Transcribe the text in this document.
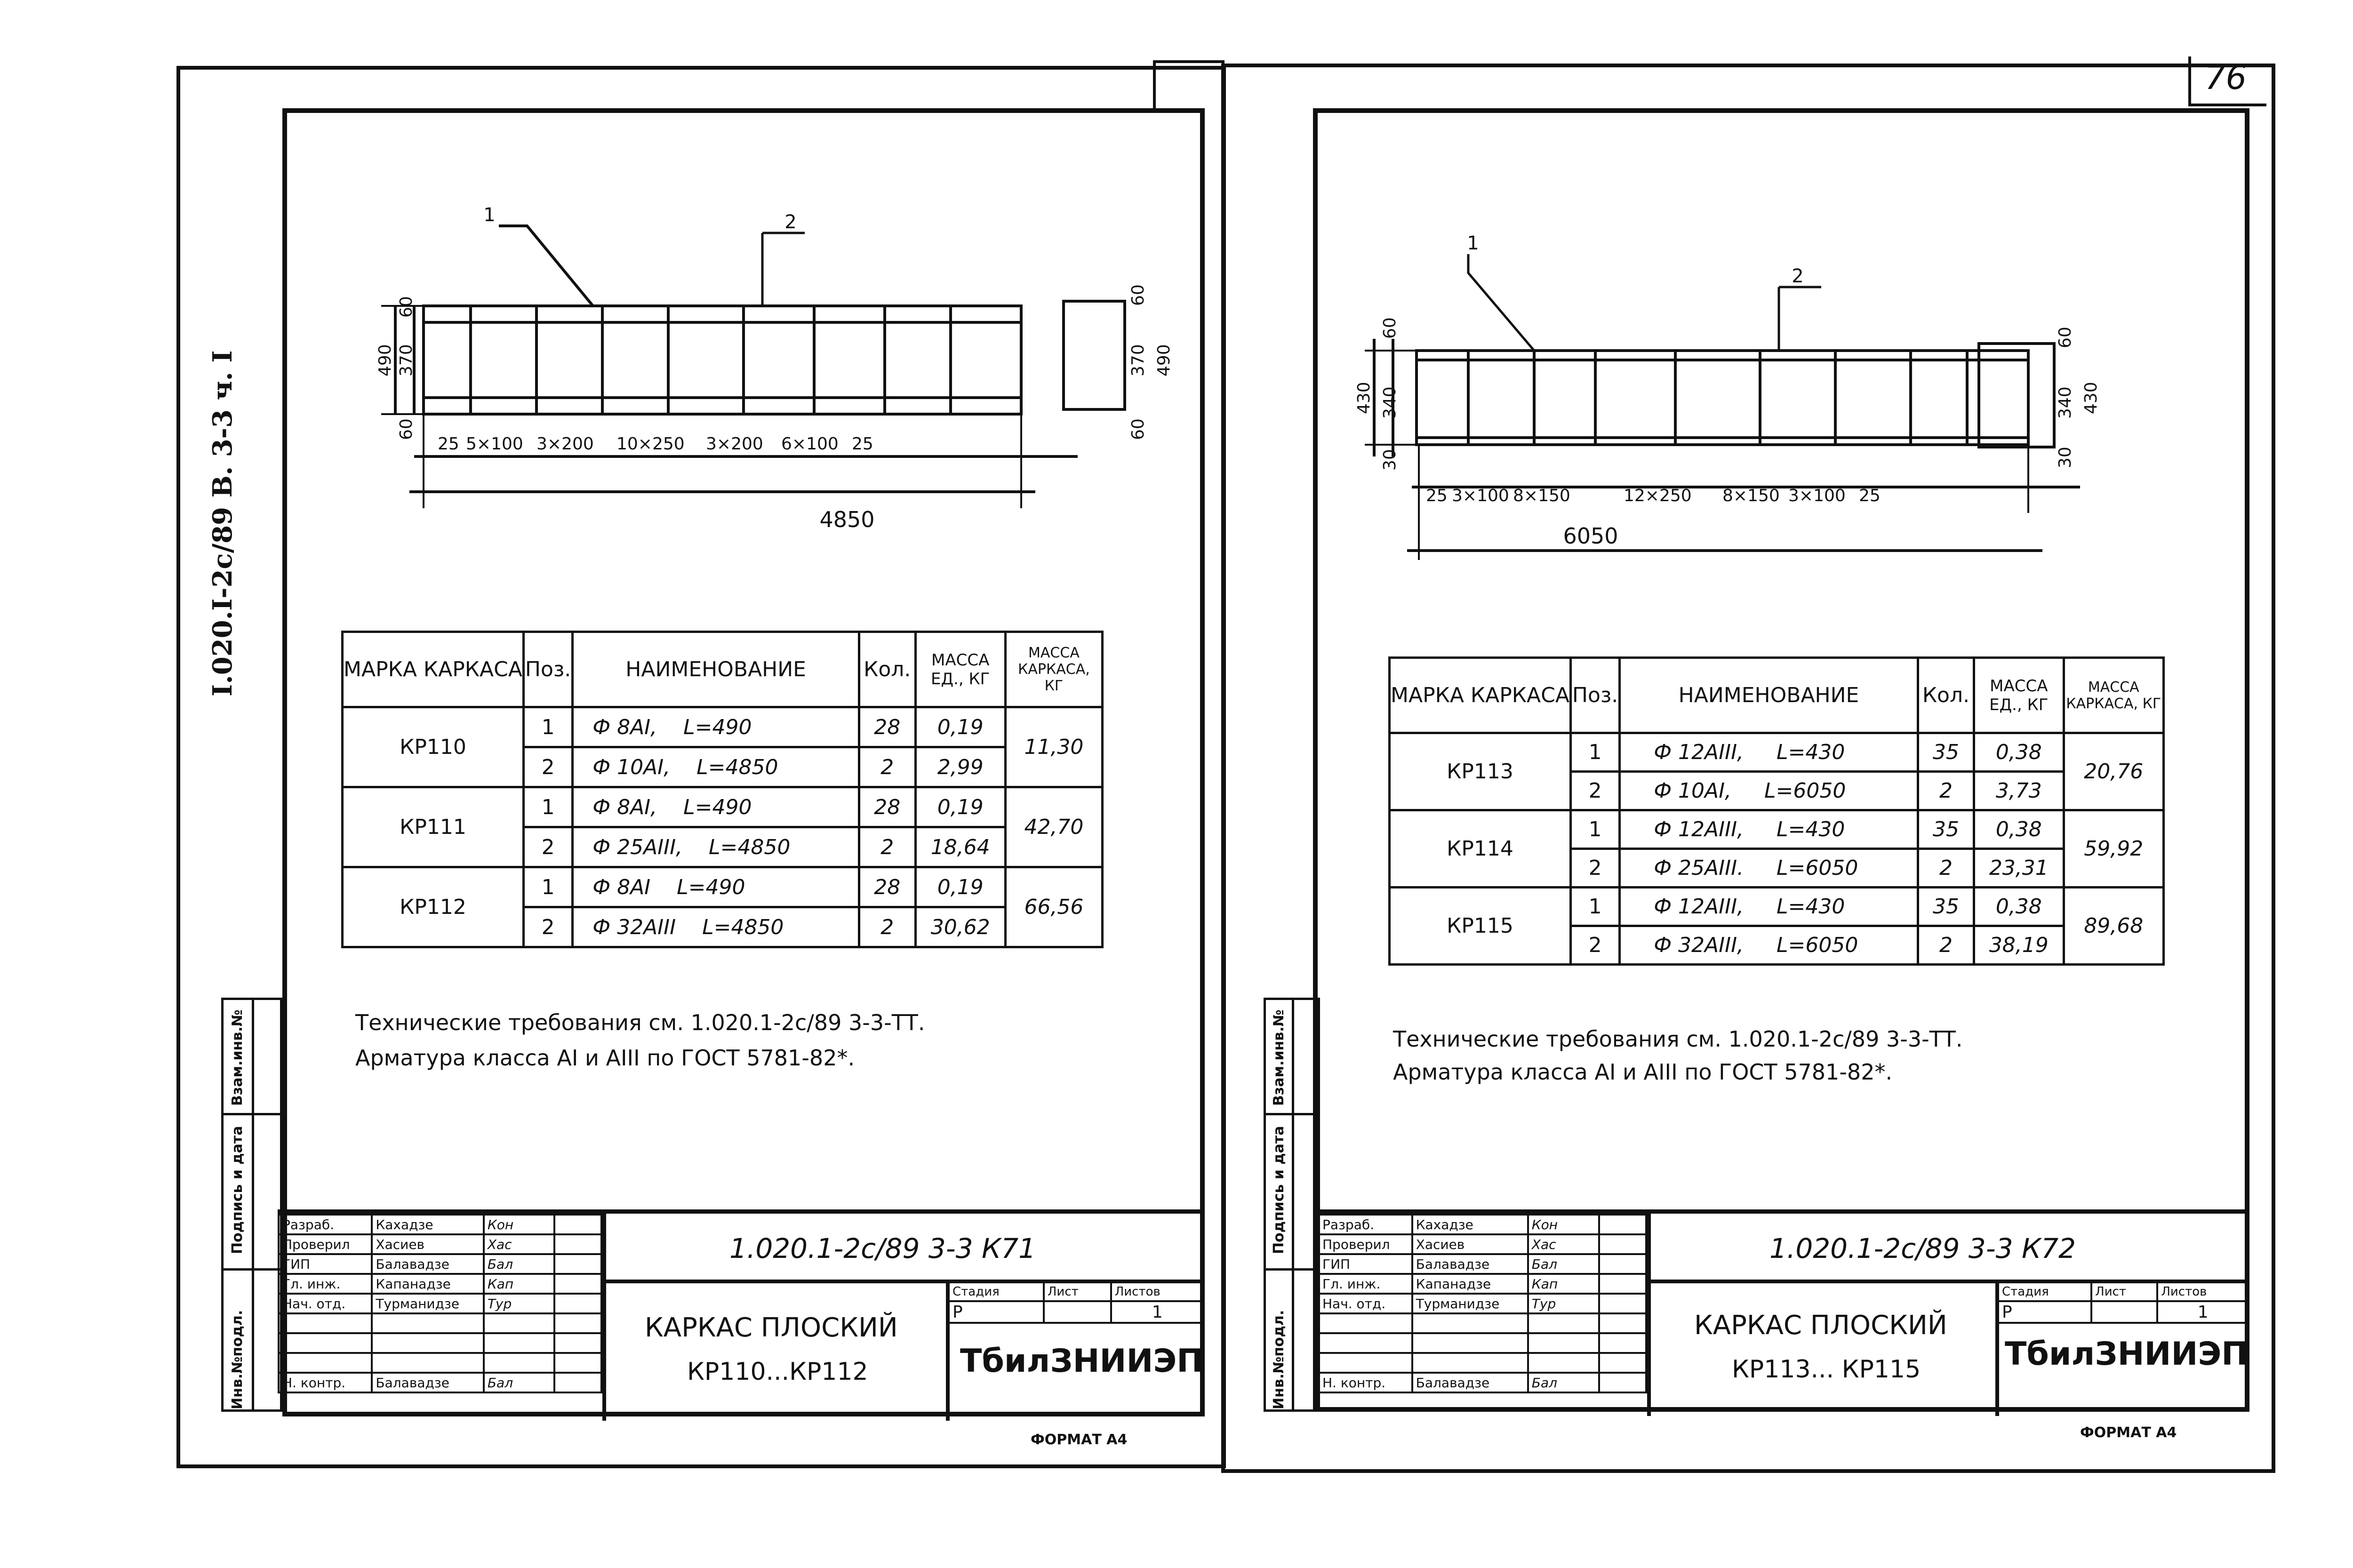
76
I.020.I-2c/89 В. 3-3 ч. I
Инв.№подл.
Подпись и дата
Взам.инв.№
1	2
4850
25 5×100 3×200 10×250 3×200 6×100 25
490
60
370
60
60
370
60
490
МАРКА КАРКАСА	Поз.	НАИМЕНОВАНИЕ	Кол.	МАССА ЕД., КГ	МАССА КАРКАСА, КГ
КР110	1	Ф 8АI, L=490	28	0,19	11,30
	2	Ф 10АI, L=4850	2	2,99	
КР111	1	Ф 8АI, L=490	28	0,19	42,70
	2	Ф 25АIII, L=4850	2	18,64	
КР112	1	Ф 8АI L=490	28	0,19	66,56
	2	Ф 32АIII L=4850	2	30,62	
Технические требования см. 1.020.1-2с/89 3-3-ТТ.
Арматура класса АI и АIII по ГОСТ 5781-82*.
Разраб.	Кахадзе	Кон	
Проверил	Хасиев	Хас	
ГИП	Балавадзе	Бал	
Гл. инж.	Капанадзе	Кап	
Нач. отд.	Турманидзе	Тур	

Н. контр.	Балавадзе	Бал	
1.020.1-2с/89 3-3 К71
КАРКАС ПЛОСКИЙ
КР110...КР112
Стадия	Лист	Листов
Р		1
ТбилЗНИИЭП
ФОРМАТ А4
Инв.№подл.
Подпись и дата
Взам.инв.№
1
2
6050
25 3×100 8×150	12×250 8×150 3×100 25
430
60
340
30
60
340
30
430
МАРКА КАРКАСА	Поз.	НАИМЕНОВАНИЕ	Кол.	МАССА ЕД., КГ	МАССА КАРКАСА, КГ
КР113	1	Ф 12АIII, L=430	35	0,38	20,76
	2	Ф 10АI, L=6050	2	3,73	
КР114	1	Ф 12АIII, L=430	35	0,38	59,92
	2	Ф 25АIII. L=6050	2	23,31	
КР115	1	Ф 12АIII, L=430	35	0,38	89,68
	2	Ф 32АIII, L=6050	2	38,19	
Технические требования см. 1.020.1-2с/89 3-3-ТТ.
Арматура класса АI и АIII по ГОСТ 5781-82*.
Разраб.	Кахадзе	Кон	
Проверил	Хасиев	Хас	
ГИП	Балавадзе	Бал	
Гл. инж.	Капанадзе	Кап	
Нач. отд.	Турманидзе	Тур	

Н. контр.	Балавадзе	Бал	
1.020.1-2с/89 3-3 К72
КАРКАС ПЛОСКИЙ
КР113... КР115
Стадия	Лист	Листов
Р		1
ТбилЗНИИЭП
ФОРМАТ А4
